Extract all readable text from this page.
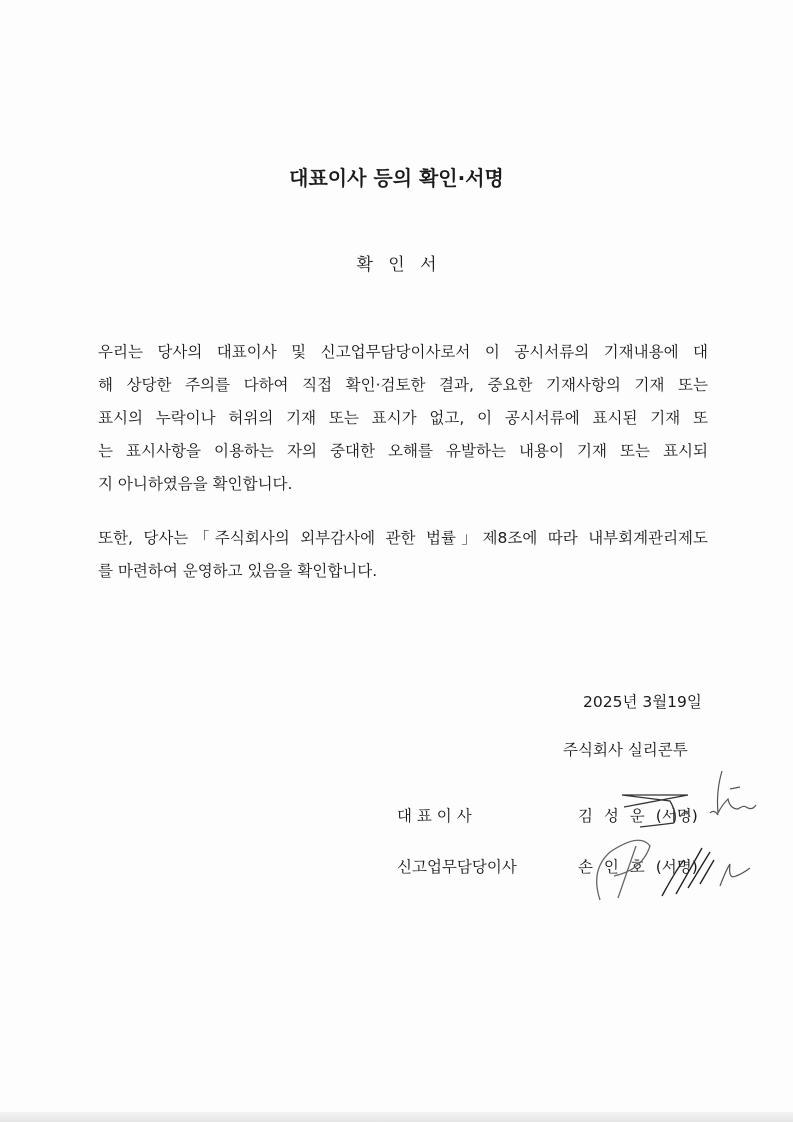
대표이사 등의 확인·서명
확 인 서
우리는 당사의 대표이사 및 신고업무담당이사로서 이 공시서류의 기재내용에 대
해 상당한 주의를 다하여 직접 확인·검토한 결과, 중요한 기재사항의 기재 또는
표시의 누락이나 허위의 기재 또는 표시가 없고, 이 공시서류에 표시된 기재 또
는 표시사항을 이용하는 자의 중대한 오해를 유발하는 내용이 기재 또는 표시되
지 아니하였음을 확인합니다.
또한, 당사는「주식회사의 외부감사에 관한 법률」제8조에 따라 내부회계관리제도
를 마련하여 운영하고 있음을 확인합니다.
2025년 3월19일
주식회사 실리콘투
대 표 이 사	김 성 운 (서명)
신고업무담당이사	손 인 호 (서명)
